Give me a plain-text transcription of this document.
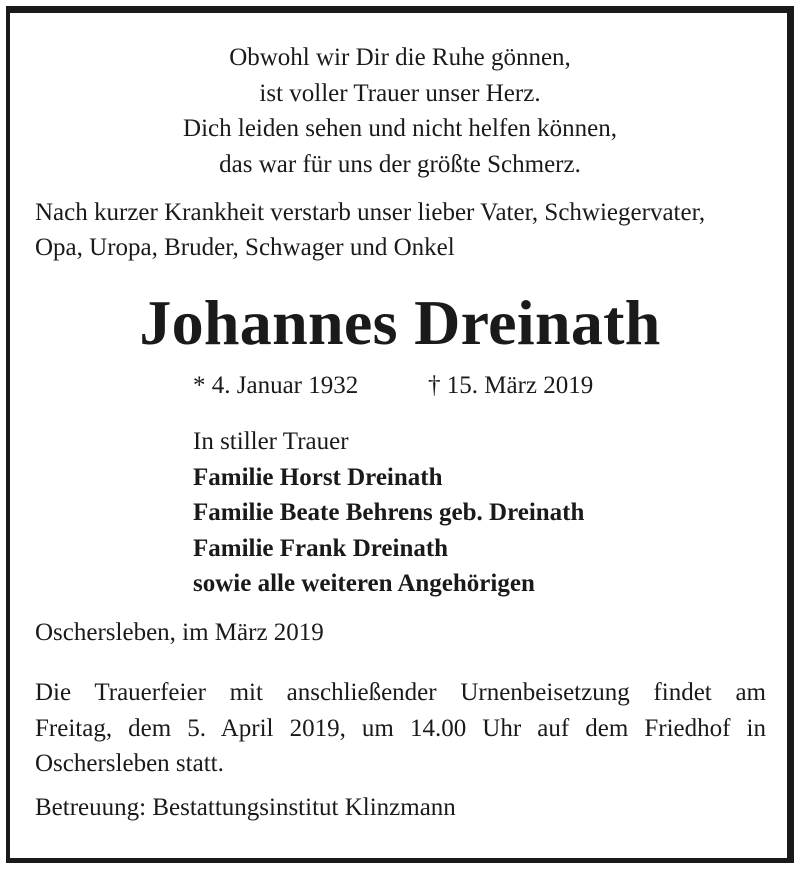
Obwohl wir Dir die Ruhe gönnen,
ist voller Trauer unser Herz.
Dich leiden sehen und nicht helfen können,
das war für uns der größte Schmerz.
Nach kurzer Krankheit verstarb unser lieber Vater, Schwiegervater,
Opa, Uropa, Bruder, Schwager und Onkel
Johannes Dreinath
* 4. Januar 1932	† 15. März 2019
In stiller Trauer
Familie Horst Dreinath
Familie Beate Behrens geb. Dreinath
Familie Frank Dreinath
sowie alle weiteren Angehörigen
Oschersleben, im März 2019
Die Trauerfeier mit anschließender Urnenbeisetzung findet am
Freitag, dem 5. April 2019, um 14.00 Uhr auf dem Friedhof in
Oschersleben statt.
Betreuung: Bestattungsinstitut Klinzmann
